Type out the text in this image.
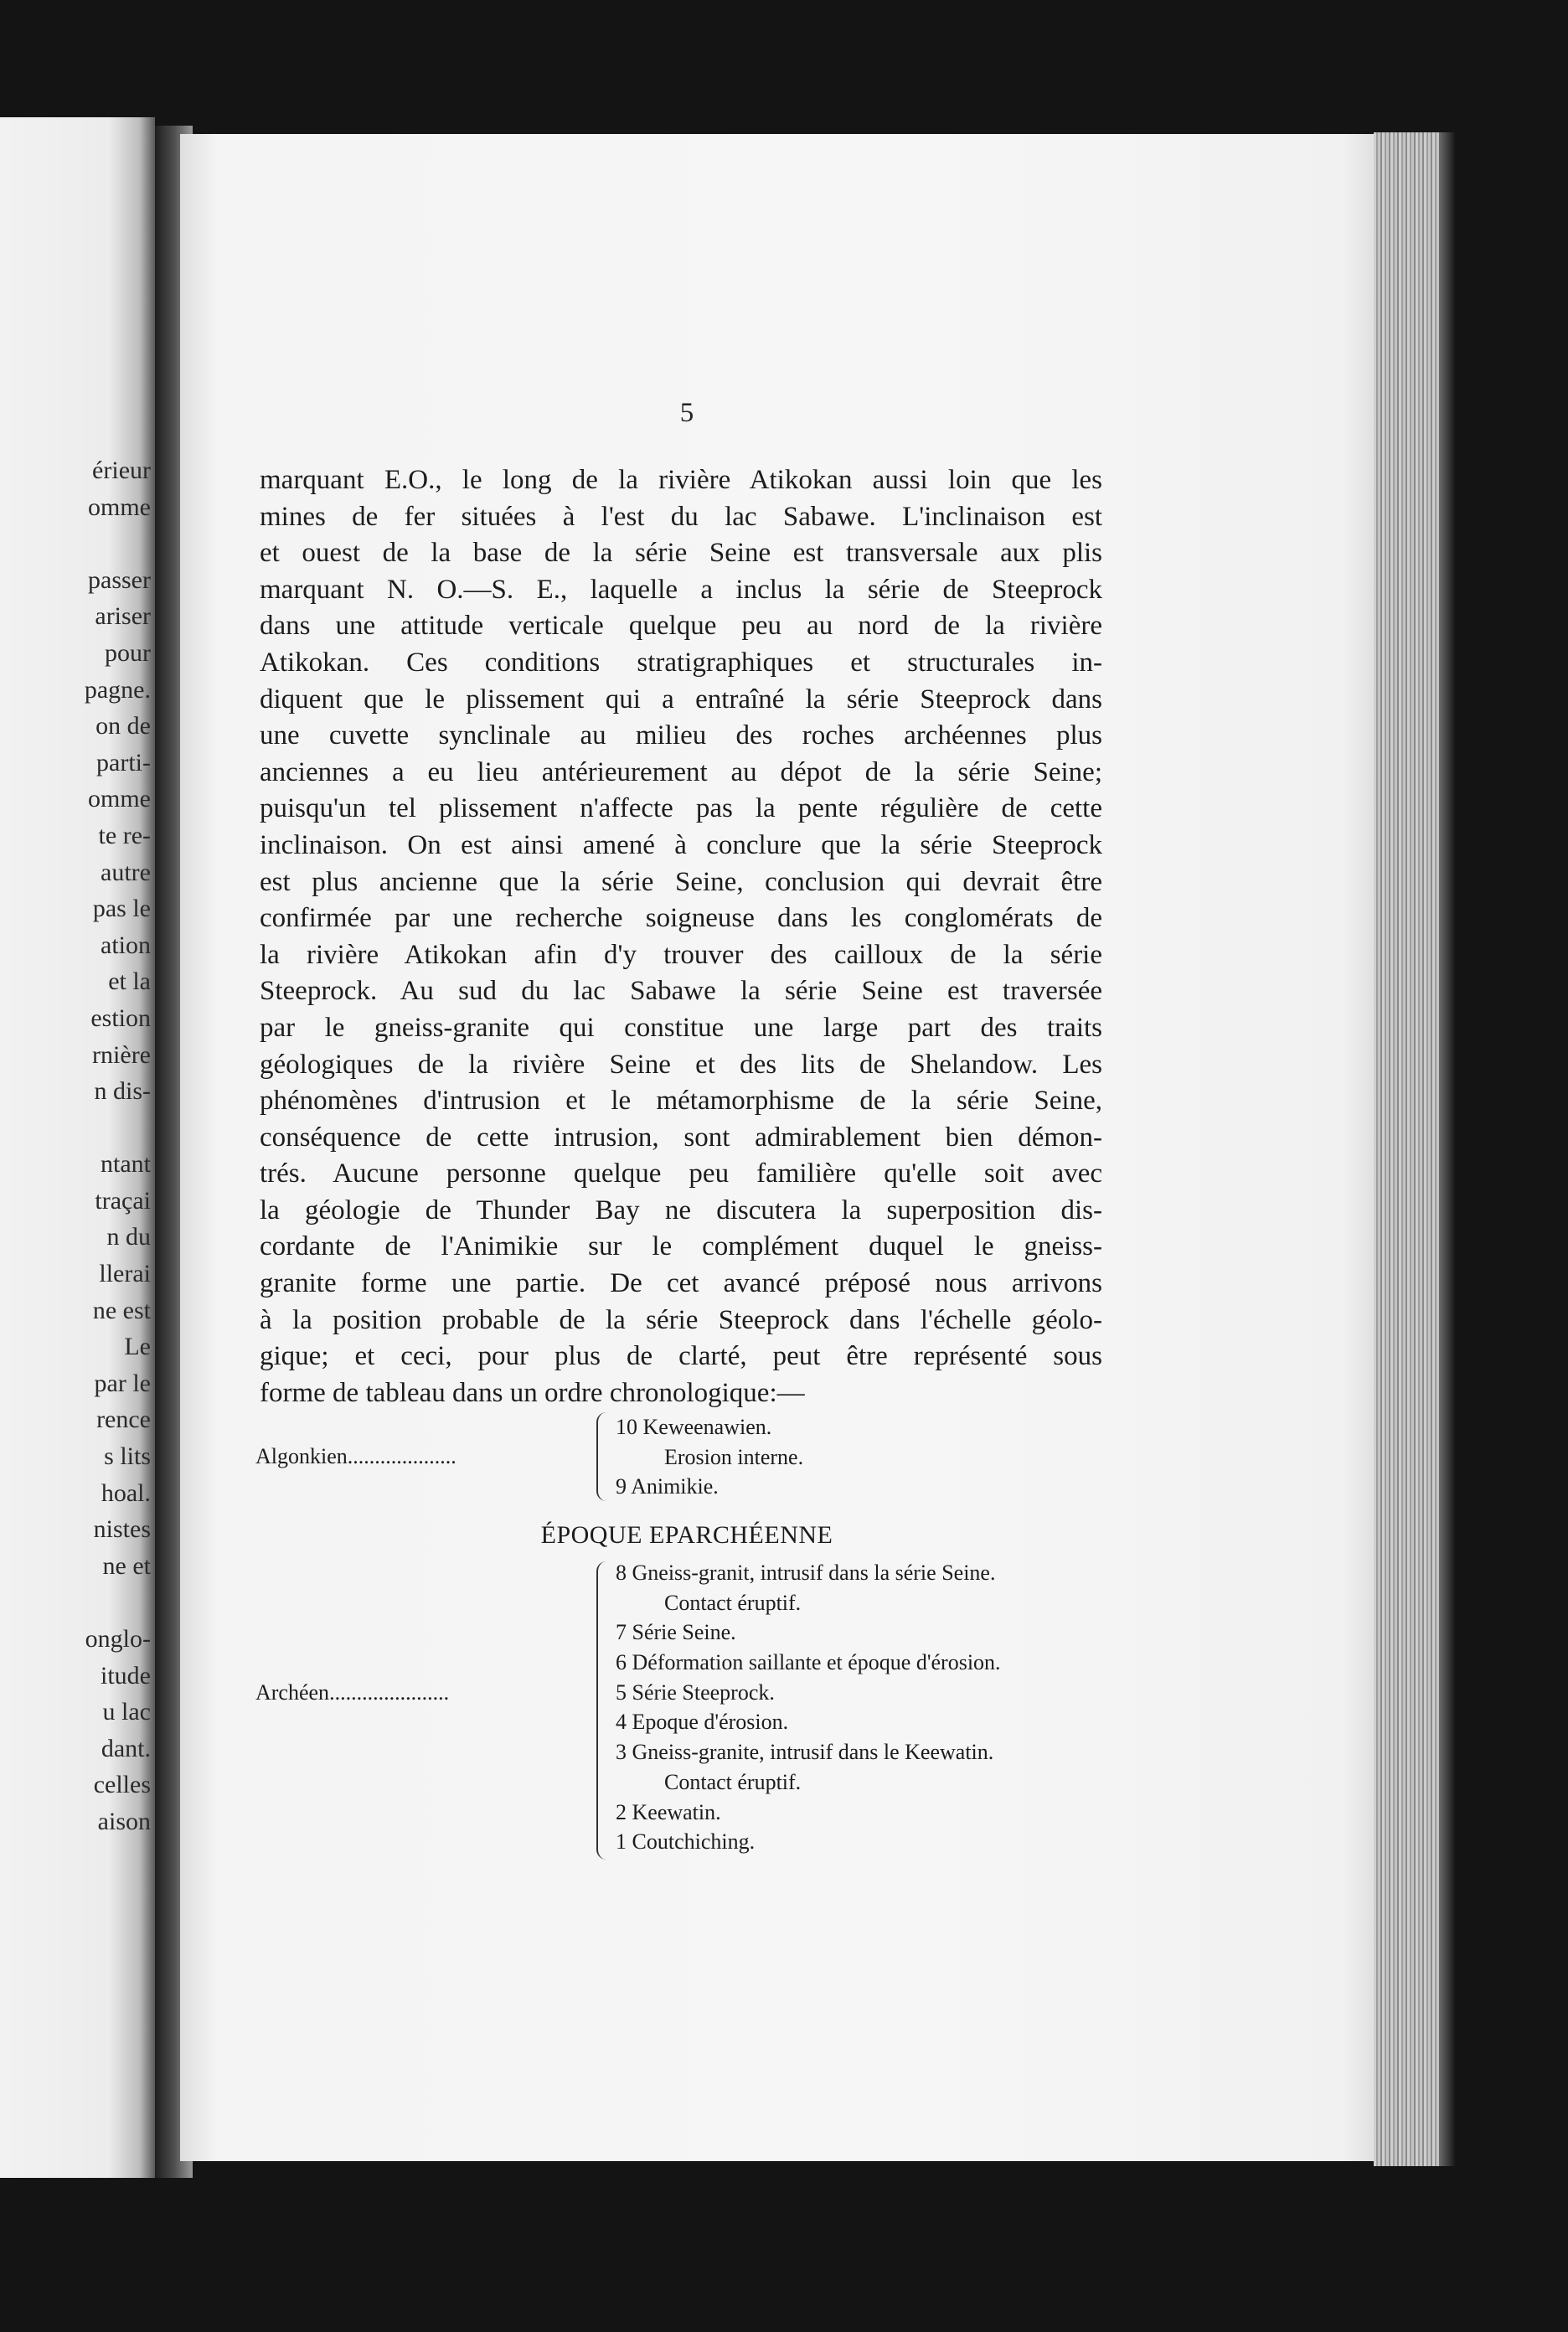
érieur
omme
passer
ariser
pour
pagne.
on de
parti-
omme
te re-
autre
pas le
ation
et la
estion
rnière
n dis-
ntant
traçai
n du
llerai
ne est
Le
par le
rence
s lits
hoal.
nistes
ne et
onglo-
itude
u lac
dant.
celles
aison
5
marquant E.O., le long de la rivière Atikokan aussi loin que les
mines de fer situées à l'est du lac Sabawe. L'inclinaison est
et ouest de la base de la série Seine est transversale aux plis
marquant N. O.—S. E., laquelle a inclus la série de Steeprock
dans une attitude verticale quelque peu au nord de la rivière
Atikokan. Ces conditions stratigraphiques et structurales in-
diquent que le plissement qui a entraîné la série Steeprock dans
une cuvette synclinale au milieu des roches archéennes plus
anciennes a eu lieu antérieurement au dépot de la série Seine;
puisqu'un tel plissement n'affecte pas la pente régulière de cette
inclinaison. On est ainsi amené à conclure que la série Steeprock
est plus ancienne que la série Seine, conclusion qui devrait être
confirmée par une recherche soigneuse dans les conglomérats de
la rivière Atikokan afin d'y trouver des cailloux de la série
Steeprock. Au sud du lac Sabawe la série Seine est traversée
par le gneiss-granite qui constitue une large part des traits
géologiques de la rivière Seine et des lits de Shelandow. Les
phénomènes d'intrusion et le métamorphisme de la série Seine,
conséquence de cette intrusion, sont admirablement bien démon-
trés. Aucune personne quelque peu familière qu'elle soit avec
la géologie de Thunder Bay ne discutera la superposition dis-
cordante de l'Animikie sur le complément duquel le gneiss-
granite forme une partie. De cet avancé préposé nous arrivons
à la position probable de la série Steeprock dans l'échelle géolo-
gique; et ceci, pour plus de clarté, peut être représenté sous
forme de tableau dans un ordre chronologique:—
Algonkien....................
10 Keweenawien.
Erosion interne.
9 Animikie.
ÉPOQUE EPARCHÉENNE
Archéen......................
8 Gneiss-granit, intrusif dans la série Seine.
Contact éruptif.
7 Série Seine.
6 Déformation saillante et époque d'érosion.
5 Série Steeprock.
4 Epoque d'érosion.
3 Gneiss-granite, intrusif dans le Keewatin.
Contact éruptif.
2 Keewatin.
1 Coutchiching.
